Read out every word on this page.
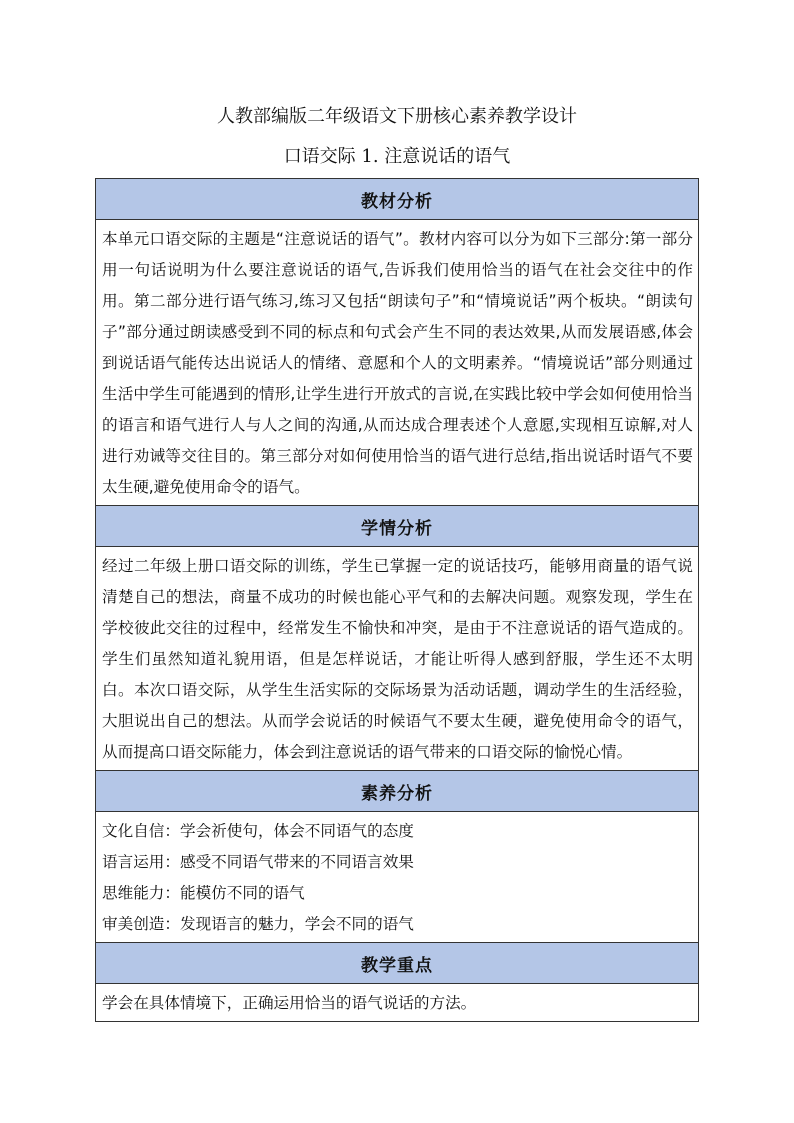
人教部编版二年级语文下册核心素养教学设计
口语交际 1. 注意说话的语气
教材分析

本单元口语交际的主题是“注意说话的语气”。教材内容可以分为如下三部分:第一部分用一句话说明为什么要注意说话的语气,告诉我们使用恰当的语气在社会交往中的作用。第二部分进行语气练习,练习又包括“朗读句子”和“情境说话”两个板块。“朗读句子”部分通过朗读感受到不同的标点和句式会产生不同的表达效果,从而发展语感,体会到说话语气能传达出说话人的情绪、意愿和个人的文明素养。“情境说话”部分则通过生活中学生可能遇到的情形,让学生进行开放式的言说,在实践比较中学会如何使用恰当的语言和语气进行人与人之间的沟通,从而达成合理表述个人意愿,实现相互谅解,对人进行劝诫等交往目的。第三部分对如何使用恰当的语气进行总结,指出说话时语气不要太生硬,避免使用命令的语气。

学情分析

经过二年级上册口语交际的训练，学生已掌握一定的说话技巧，能够用商量的语气说清楚自己的想法，商量不成功的时候也能心平气和的去解决问题。观察发现，学生在学校彼此交往的过程中，经常发生不愉快和冲突，是由于不注意说话的语气造成的。学生们虽然知道礼貌用语，但是怎样说话，才能让听得人感到舒服，学生还不太明白。本次口语交际，从学生生活实际的交际场景为活动话题，调动学生的生活经验，大胆说出自己的想法。从而学会说话的时候语气不要太生硬，避免使用命令的语气，从而提高口语交际能力，体会到注意说话的语气带来的口语交际的愉悦心情。

素养分析

文化自信：学会祈使句，体会不同语气的态度

语言运用：感受不同语气带来的不同语言效果

思维能力：能模仿不同的语气

审美创造：发现语言的魅力，学会不同的语气

教学重点

学会在具体情境下，正确运用恰当的语气说话的方法。
